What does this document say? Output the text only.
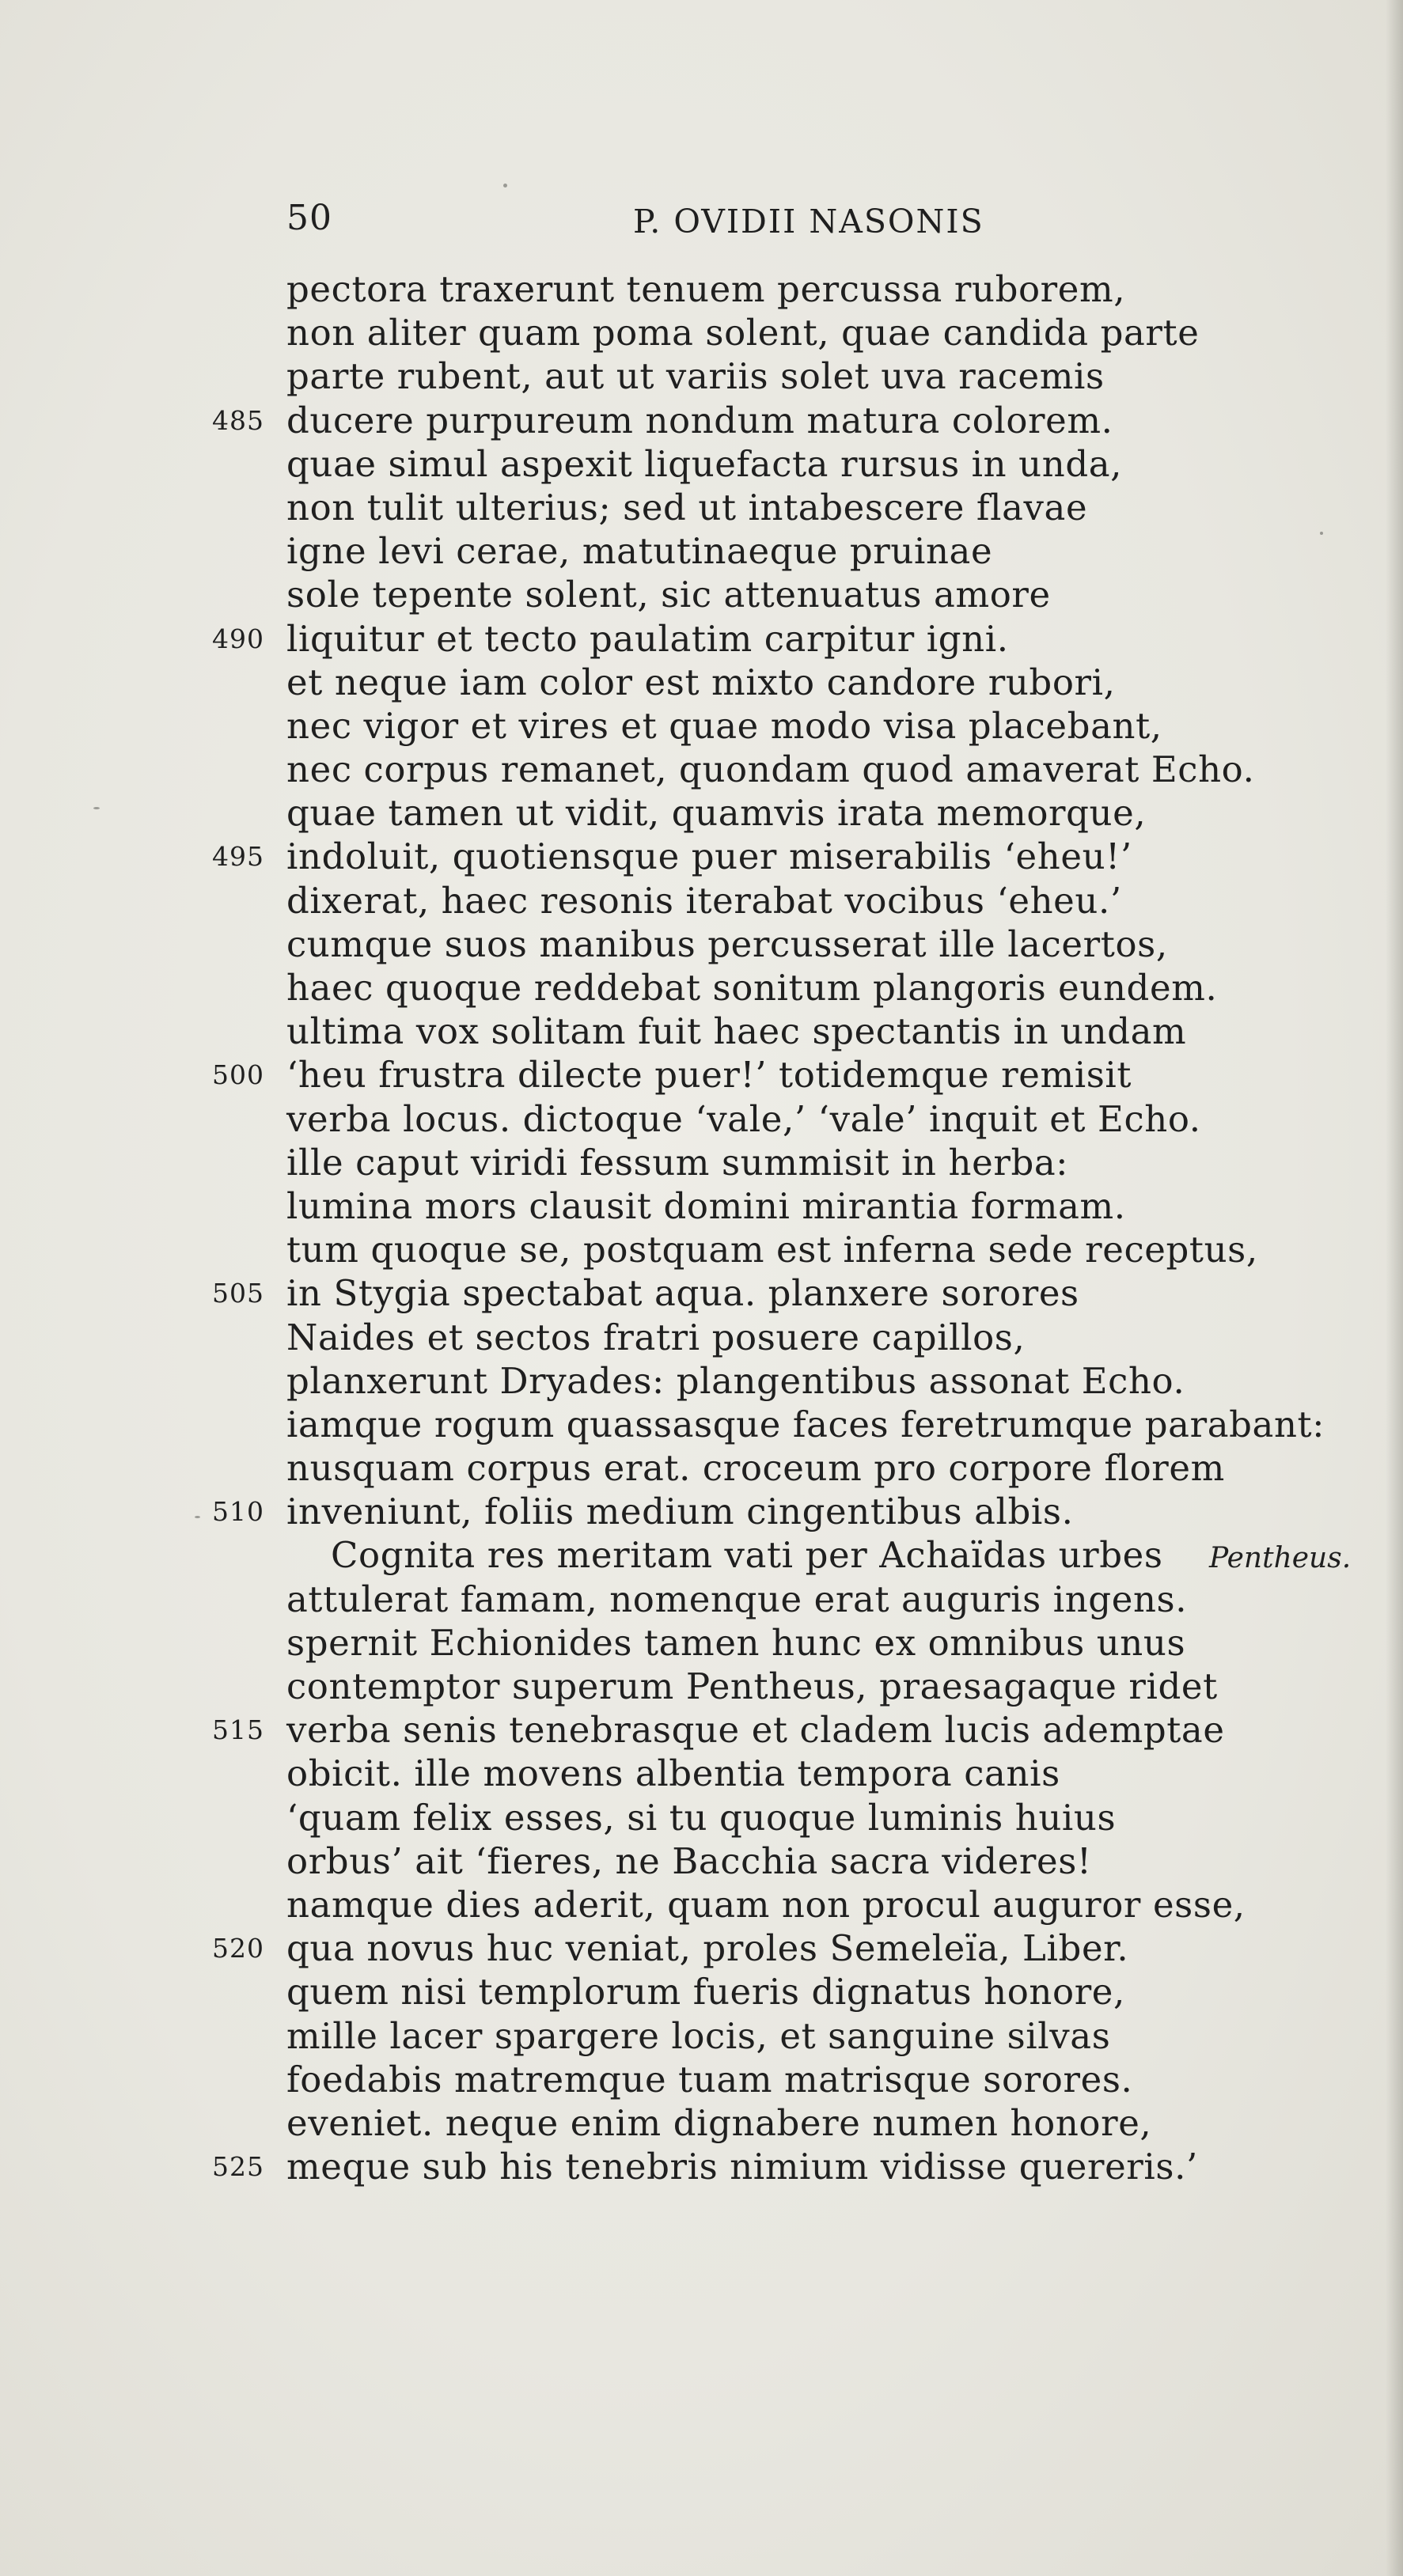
50	P. OVIDII NASONIS
pectora traxerunt tenuem percussa ruborem,
non aliter quam poma solent, quae candida parte
parte rubent, aut ut variis solet uva racemis
485 ducere purpureum nondum matura colorem.
quae simul aspexit liquefacta rursus in unda,
non tulit ulterius; sed ut intabescere flavae
igne levi cerae, matutinaeque pruinae
sole tepente solent, sic attenuatus amore
490 liquitur et tecto paulatim carpitur igni.
et neque iam color est mixto candore rubori,
nec vigor et vires et quae modo visa placebant,
nec corpus remanet, quondam quod amaverat Echo.
quae tamen ut vidit, quamvis irata memorque,
495 indoluit, quotiensque puer miserabilis ‘eheu!’
dixerat, haec resonis iterabat vocibus ‘eheu.’
cumque suos manibus percusserat ille lacertos,
haec quoque reddebat sonitum plangoris eundem.
ultima vox solitam fuit haec spectantis in undam
500 ‘heu frustra dilecte puer!’ totidemque remisit
verba locus. dictoque ‘vale,’ ‘vale’ inquit et Echo.
ille caput viridi fessum summisit in herba:
lumina mors clausit domini mirantia formam.
tum quoque se, postquam est inferna sede receptus,
505 in Stygia spectabat aqua. planxere sorores
Naides et sectos fratri posuere capillos,
planxerunt Dryades: plangentibus assonat Echo.
iamque rogum quassasque faces feretrumque parabant:
nusquam corpus erat. croceum pro corpore florem
510 inveniunt, foliis medium cingentibus albis.
Cognita res meritam vati per Achaïdas urbes Pentheus.
attulerat famam, nomenque erat auguris ingens.
spernit Echionides tamen hunc ex omnibus unus
contemptor superum Pentheus, praesagaque ridet
515 verba senis tenebrasque et cladem lucis ademptae
obicit. ille movens albentia tempora canis
‘quam felix esses, si tu quoque luminis huius
orbus’ ait ‘fieres, ne Bacchia sacra videres!
namque dies aderit, quam non procul auguror esse,
520 qua novus huc veniat, proles Semeleïa, Liber.
quem nisi templorum fueris dignatus honore,
mille lacer spargere locis, et sanguine silvas
foedabis matremque tuam matrisque sorores.
eveniet. neque enim dignabere numen honore,
525 meque sub his tenebris nimium vidisse quereris.’
